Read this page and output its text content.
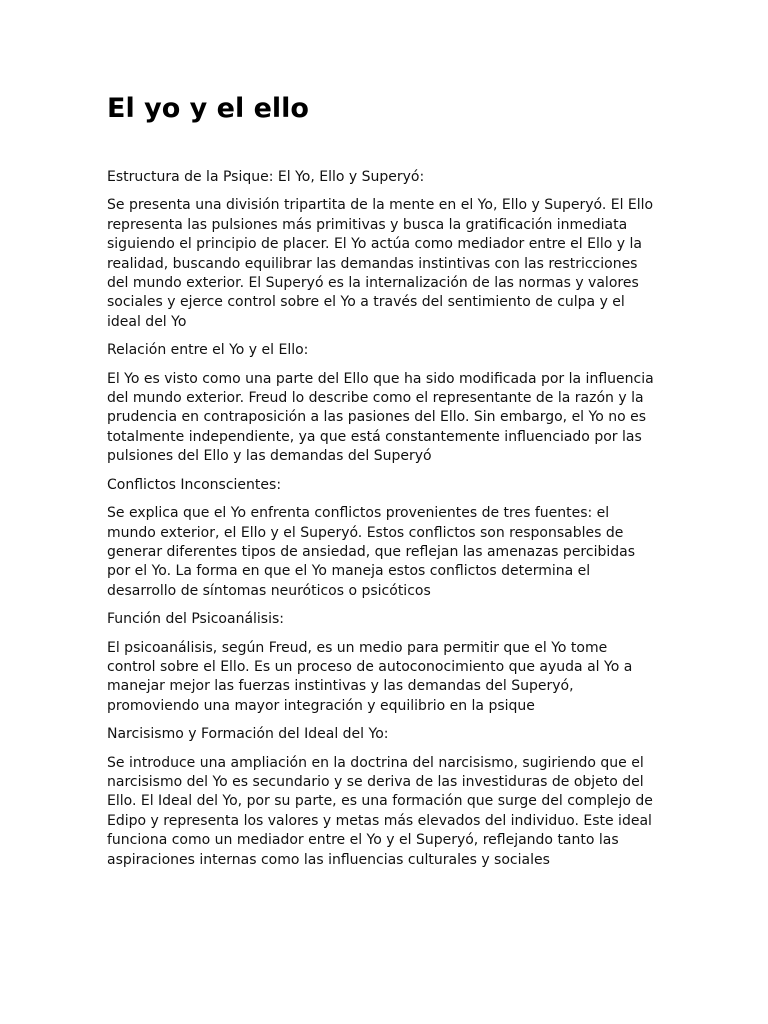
El yo y el ello

Estructura de la Psique: El Yo, Ello y Superyó:

Se presenta una división tripartita de la mente en el Yo, Ello y Superyó. El Ello representa las pulsiones más primitivas y busca la gratificación inmediata siguiendo el principio de placer. El Yo actúa como mediador entre el Ello y la realidad, buscando equilibrar las demandas instintivas con las restricciones del mundo exterior. El Superyó es la internalización de las normas y valores sociales y ejerce control sobre el Yo a través del sentimiento de culpa y el ideal del Yo

Relación entre el Yo y el Ello:

El Yo es visto como una parte del Ello que ha sido modificada por la influencia del mundo exterior. Freud lo describe como el representante de la razón y la prudencia en contraposición a las pasiones del Ello. Sin embargo, el Yo no es totalmente independiente, ya que está constantemente influenciado por las pulsiones del Ello y las demandas del Superyó

Conflictos Inconscientes:

Se explica que el Yo enfrenta conflictos provenientes de tres fuentes: el mundo exterior, el Ello y el Superyó. Estos conflictos son responsables de generar diferentes tipos de ansiedad, que reflejan las amenazas percibidas por el Yo. La forma en que el Yo maneja estos conflictos determina el desarrollo de síntomas neuróticos o psicóticos

Función del Psicoanálisis:

El psicoanálisis, según Freud, es un medio para permitir que el Yo tome control sobre el Ello. Es un proceso de autoconocimiento que ayuda al Yo a manejar mejor las fuerzas instintivas y las demandas del Superyó, promoviendo una mayor integración y equilibrio en la psique

Narcisismo y Formación del Ideal del Yo:

Se introduce una ampliación en la doctrina del narcisismo, sugiriendo que el narcisismo del Yo es secundario y se deriva de las investiduras de objeto del Ello. El Ideal del Yo, por su parte, es una formación que surge del complejo de Edipo y representa los valores y metas más elevados del individuo. Este ideal funciona como un mediador entre el Yo y el Superyó, reflejando tanto las aspiraciones internas como las influencias culturales y sociales
